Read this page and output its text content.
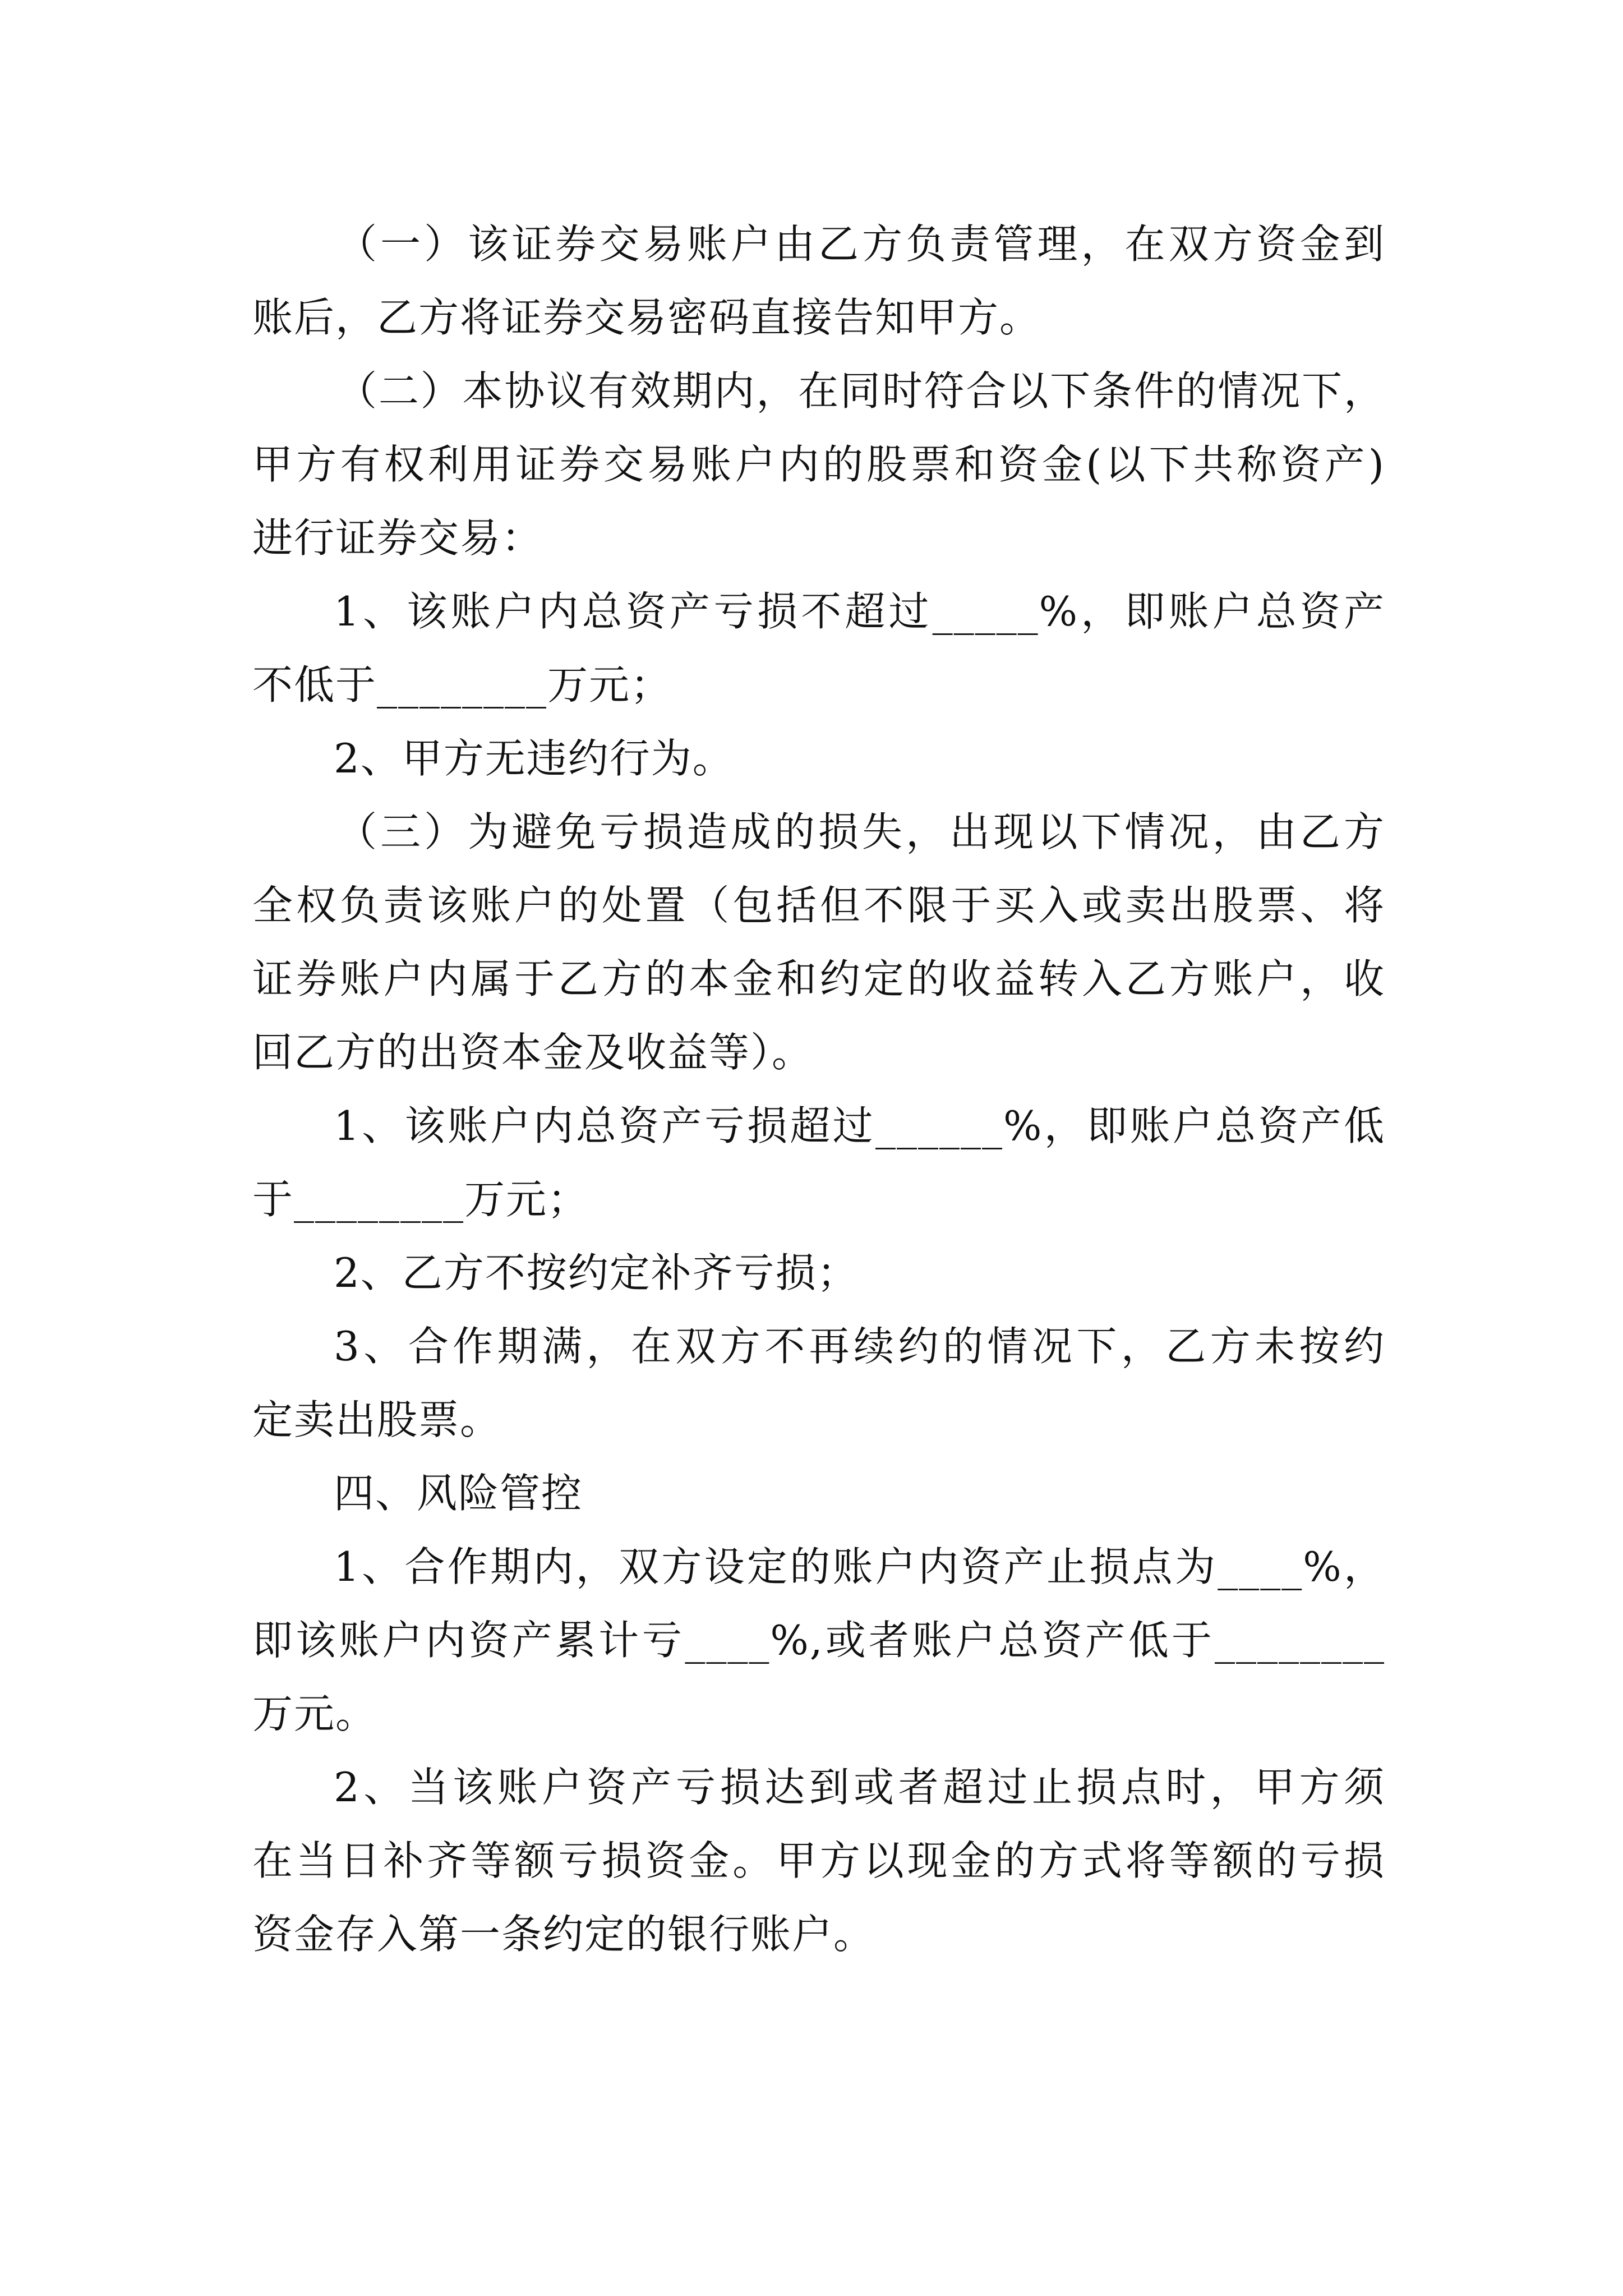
（一）该证券交易账户由乙方负责管理，在双方资金到
账后，乙方将证券交易密码直接告知甲方。
（二）本协议有效期内，在同时符合以下条件的情况下，
甲方有权利用证券交易账户内的股票和资金(以下共称资产)
进行证券交易：
1、该账户内总资产亏损不超过_____%，即账户总资产
不低于________万元；
2、甲方无违约行为。
（三）为避免亏损造成的损失，出现以下情况，由乙方
全权负责该账户的处置（包括但不限于买入或卖出股票、将
证券账户内属于乙方的本金和约定的收益转入乙方账户，收
回乙方的出资本金及收益等）。
1、该账户内总资产亏损超过______%，即账户总资产低
于________万元；
2、乙方不按约定补齐亏损；
3、合作期满，在双方不再续约的情况下，乙方未按约
定卖出股票。
四、风险管控
1、合作期内，双方设定的账户内资产止损点为____%，
即该账户内资产累计亏____%,或者账户总资产低于________
万元。
2、当该账户资产亏损达到或者超过止损点时，甲方须
在当日补齐等额亏损资金。甲方以现金的方式将等额的亏损
资金存入第一条约定的银行账户。
